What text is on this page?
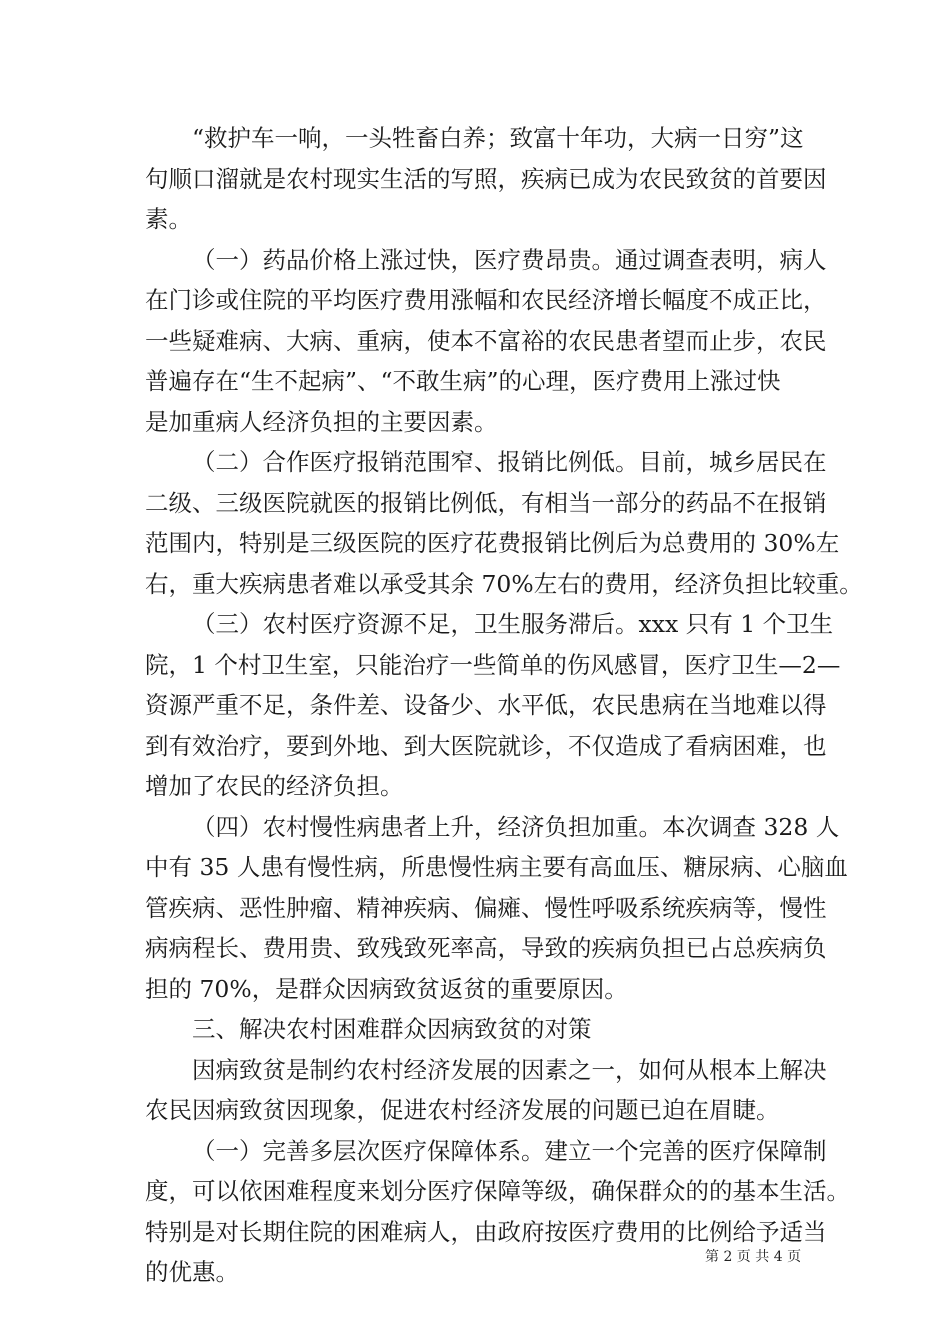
“救护车一响，一头牲畜白养；致富十年功，大病一日穷”这
句顺口溜就是农村现实生活的写照，疾病已成为农民致贫的首要因
素。
（一）药品价格上涨过快，医疗费昂贵。通过调查表明，病人
在门诊或住院的平均医疗费用涨幅和农民经济增长幅度不成正比，
一些疑难病、大病、重病，使本不富裕的农民患者望而止步，农民
普遍存在“生不起病”、“不敢生病”的心理，医疗费用上涨过快
是加重病人经济负担的主要因素。
（二）合作医疗报销范围窄、报销比例低。目前，城乡居民在
二级、三级医院就医的报销比例低，有相当一部分的药品不在报销
范围内，特别是三级医院的医疗花费报销比例后为总费用的 30%左
右，重大疾病患者难以承受其余 70%左右的费用，经济负担比较重。
（三）农村医疗资源不足，卫生服务滞后。xxx 只有 1 个卫生
院，1 个村卫生室，只能治疗一些简单的伤风感冒，医疗卫生—2—
资源严重不足，条件差、设备少、水平低，农民患病在当地难以得
到有效治疗，要到外地、到大医院就诊，不仅造成了看病困难，也
增加了农民的经济负担。
（四）农村慢性病患者上升，经济负担加重。本次调查 328 人
中有 35 人患有慢性病，所患慢性病主要有高血压、糖尿病、心脑血
管疾病、恶性肿瘤、精神疾病、偏瘫、慢性呼吸系统疾病等，慢性
病病程长、费用贵、致残致死率高，导致的疾病负担已占总疾病负
担的 70%，是群众因病致贫返贫的重要原因。
三、解决农村困难群众因病致贫的对策
因病致贫是制约农村经济发展的因素之一，如何从根本上解决
农民因病致贫因现象，促进农村经济发展的问题已迫在眉睫。
（一）完善多层次医疗保障体系。建立一个完善的医疗保障制
度，可以依困难程度来划分医疗保障等级，确保群众的的基本生活。
特别是对长期住院的困难病人，由政府按医疗费用的比例给予适当
的优惠。
第 2 页 共 4 页
